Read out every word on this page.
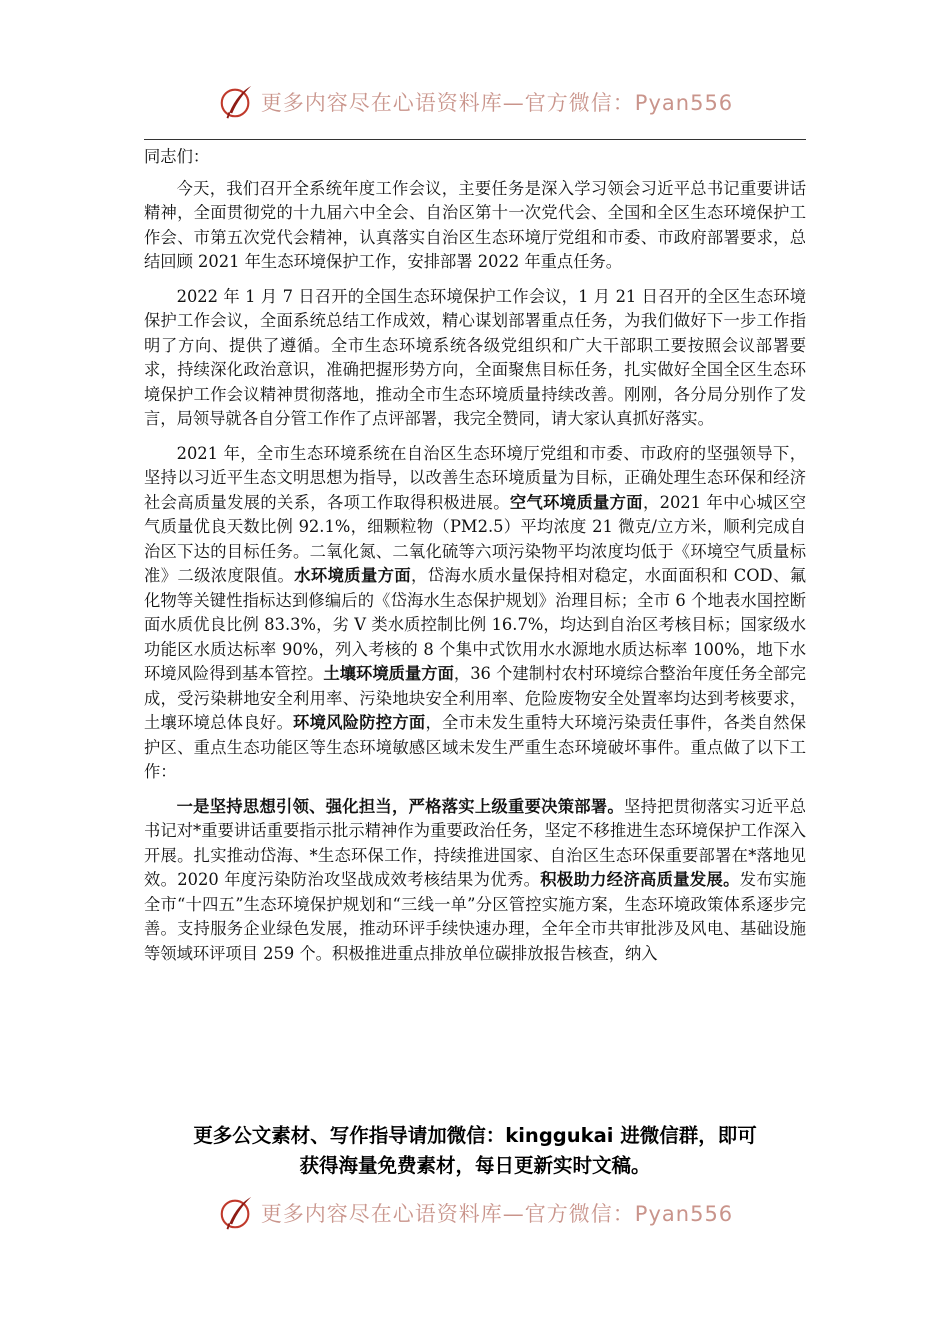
更多内容尽在心语资料库—官方微信：Pyan556

同志们：

今天，我们召开全系统年度工作会议，主要任务是深入学习领会习近平总书记重要讲话精神，全面贯彻党的十九届六中全会、自治区第十一次党代会、全国和全区生态环境保护工作会、市第五次党代会精神，认真落实自治区生态环境厅党组和市委、市政府部署要求，总结回顾 2021 年生态环境保护工作，安排部署 2022 年重点任务。

2022 年 1 月 7 日召开的全国生态环境保护工作会议，1 月 21 日召开的全区生态环境保护工作会议，全面系统总结工作成效，精心谋划部署重点任务，为我们做好下一步工作指明了方向、提供了遵循。全市生态环境系统各级党组织和广大干部职工要按照会议部署要求，持续深化政治意识，准确把握形势方向，全面聚焦目标任务，扎实做好全国全区生态环境保护工作会议精神贯彻落地，推动全市生态环境质量持续改善。刚刚，各分局分别作了发言，局领导就各自分管工作作了点评部署，我完全赞同，请大家认真抓好落实。

2021 年，全市生态环境系统在自治区生态环境厅党组和市委、市政府的坚强领导下，坚持以习近平生态文明思想为指导，以改善生态环境质量为目标，正确处理生态环保和经济社会高质量发展的关系，各项工作取得积极进展。空气环境质量方面，2021 年中心城区空气质量优良天数比例 92.1%，细颗粒物（PM2.5）平均浓度 21 微克/立方米，顺利完成自治区下达的目标任务。二氧化氮、二氧化硫等六项污染物平均浓度均低于《环境空气质量标准》二级浓度限值。水环境质量方面，岱海水质水量保持相对稳定，水面面积和 COD、氟化物等关键性指标达到修编后的《岱海水生态保护规划》治理目标；全市 6 个地表水国控断面水质优良比例 83.3%，劣 V 类水质控制比例 16.7%，均达到自治区考核目标；国家级水功能区水质达标率 90%，列入考核的 8 个集中式饮用水水源地水质达标率 100%，地下水环境风险得到基本管控。土壤环境质量方面，36 个建制村农村环境综合整治年度任务全部完成，受污染耕地安全利用率、污染地块安全利用率、危险废物安全处置率均达到考核要求，土壤环境总体良好。环境风险防控方面，全市未发生重特大环境污染责任事件，各类自然保护区、重点生态功能区等生态环境敏感区域未发生严重生态环境破坏事件。重点做了以下工作：

一是坚持思想引领、强化担当，严格落实上级重要决策部署。坚持把贯彻落实习近平总书记对*重要讲话重要指示批示精神作为重要政治任务，坚定不移推进生态环境保护工作深入开展。扎实推动岱海、*生态环保工作，持续推进国家、自治区生态环保重要部署在*落地见效。2020 年度污染防治攻坚战成效考核结果为优秀。积极助力经济高质量发展。发布实施全市“十四五”生态环境保护规划和“三线一单”分区管控实施方案，生态环境政策体系逐步完善。支持服务企业绿色发展，推动环评手续快速办理，全年全市共审批涉及风电、基础设施等领域环评项目 259 个。积极推进重点排放单位碳排放报告核查，纳入

更多公文素材、写作指导请加微信：kinggukai 进微信群，即可
获得海量免费素材，每日更新实时文稿。
更多内容尽在心语资料库—官方微信：Pyan556
